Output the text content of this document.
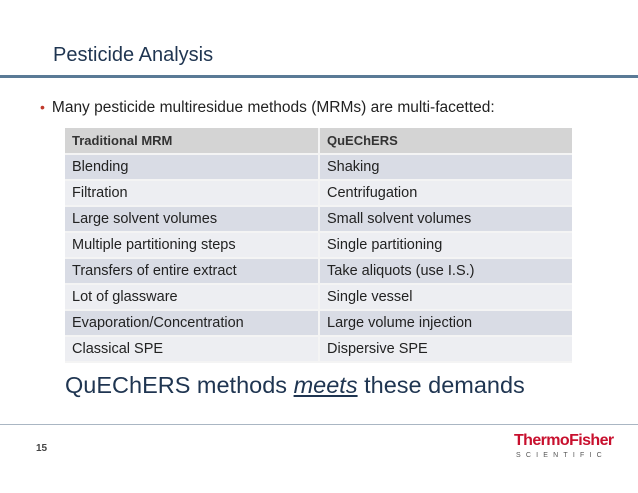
Pesticide Analysis
• Many pesticide multiresidue methods (MRMs) are multi-facetted:
Traditional MRM	QuEChERS
Blending	Shaking
Filtration	Centrifugation
Large solvent volumes	Small solvent volumes
Multiple partitioning steps	Single partitioning
Transfers of entire extract	Take aliquots (use I.S.)
Lot of glassware	Single vessel
Evaporation/Concentration	Large volume injection
Classical SPE	Dispersive SPE
QuEChERS methods meets these demands
15	ThermoFisher
SCIENTIFIC
